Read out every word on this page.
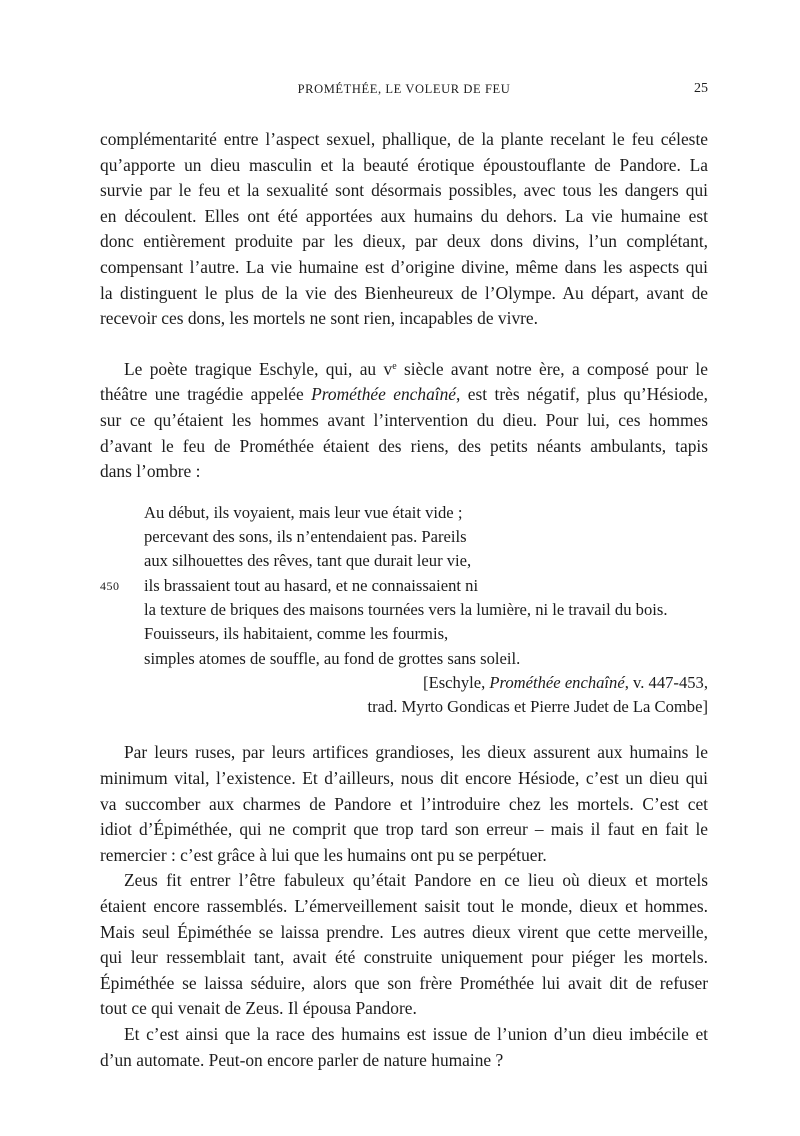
PROMÉTHÉE, LE VOLEUR DE FEU	25
complémentarité entre l’aspect sexuel, phallique, de la plante recelant le feu céleste
qu’apporte un dieu masculin et la beauté érotique époustouflante de Pandore. La
survie par le feu et la sexualité sont désormais possibles, avec tous les dangers qui
en découlent. Elles ont été apportées aux humains du dehors. La vie humaine est
donc entièrement produite par les dieux, par deux dons divins, l’un complétant,
compensant l’autre. La vie humaine est d’origine divine, même dans les aspects qui
la distinguent le plus de la vie des Bienheureux de l’Olympe. Au départ, avant de
recevoir ces dons, les mortels ne sont rien, incapables de vivre.
Le poète tragique Eschyle, qui, au $v^e$ siècle avant notre ère, a composé pour le
théâtre une tragédie appelée Prométhée enchaîné, est très négatif, plus qu’Hésiode,
sur ce qu’étaient les hommes avant l’intervention du dieu. Pour lui, ces hommes
d’avant le feu de Prométhée étaient des riens, des petits néants ambulants, tapis
dans l’ombre :
Au début, ils voyaient, mais leur vue était vide ;
percevant des sons, ils n’entendaient pas. Pareils
aux silhouettes des rêves, tant que durait leur vie,
450 ils brassaient tout au hasard, et ne connaissaient ni
la texture de briques des maisons tournées vers la lumière, ni le travail du bois.
Fouisseurs, ils habitaient, comme les fourmis,
simples atomes de souffle, au fond de grottes sans soleil.
[Eschyle, Prométhée enchaîné, v. 447-453,
trad. Myrto Gondicas et Pierre Judet de La Combe]
Par leurs ruses, par leurs artifices grandioses, les dieux assurent aux humains le
minimum vital, l’existence. Et d’ailleurs, nous dit encore Hésiode, c’est un dieu qui
va succomber aux charmes de Pandore et l’introduire chez les mortels. C’est cet
idiot d’Épiméthée, qui ne comprit que trop tard son erreur – mais il faut en fait le
remercier : c’est grâce à lui que les humains ont pu se perpétuer.
Zeus fit entrer l’être fabuleux qu’était Pandore en ce lieu où dieux et mortels
étaient encore rassemblés. L’émerveillement saisit tout le monde, dieux et hommes.
Mais seul Épiméthée se laissa prendre. Les autres dieux virent que cette merveille,
qui leur ressemblait tant, avait été construite uniquement pour piéger les mortels.
Épiméthée se laissa séduire, alors que son frère Prométhée lui avait dit de refuser
tout ce qui venait de Zeus. Il épousa Pandore.
Et c’est ainsi que la race des humains est issue de l’union d’un dieu imbécile et
d’un automate. Peut-on encore parler de nature humaine ?
